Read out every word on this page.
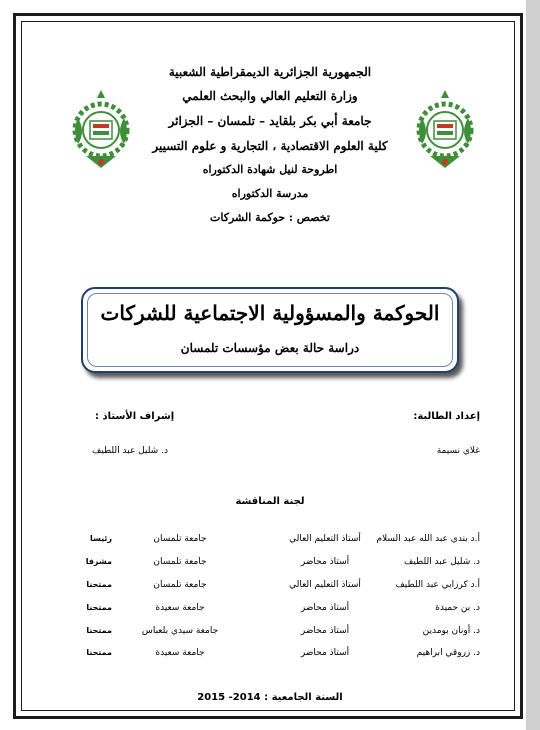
الجمهورية الجزائرية الديمقراطية الشعبية
وزارة التعليم العالي والبحث العلمي
جامعة أبي بكر بلقايد – تلمسان – الجزائر
كلية العلوم الاقتصادية ، التجارية و علوم التسيير
اطروحة لنيل شهادة الدكتوراه
مدرسة الدكتوراه
تخصص : حوكمة الشركات
الحوكمة والمسؤولية الاجتماعية للشركات
دراسة حالة بعض مؤسسات تلمسان
إعداد الطالبة:
غلاي نسيمة
إشراف الأستاذ :
د. شليل عبد اللطيف
لجنة المناقشة
أ.د بندي عبد الله عبد السلام
أستاذ التعليم العالي
جامعة تلمسان
رئيسا
د. شليل عبد اللطيف
أستاذ محاضر
جامعة تلمسان
مشرفا
أ.د كرزابي عبد اللطيف
أستاذ التعليم العالي
جامعة تلمسان
ممتحنا
د. بن حميدة
أستاذ محاضر
جامعة سعيدة
ممتحنا
د. أونان بومدين
أستاذ محاضر
جامعة سيدي بلعباس
ممتحنا
د. زروقي ابراهيم
أستاذ محاضر
جامعة سعيدة
ممتحنا
السنة الجامعية : 2014- 2015
